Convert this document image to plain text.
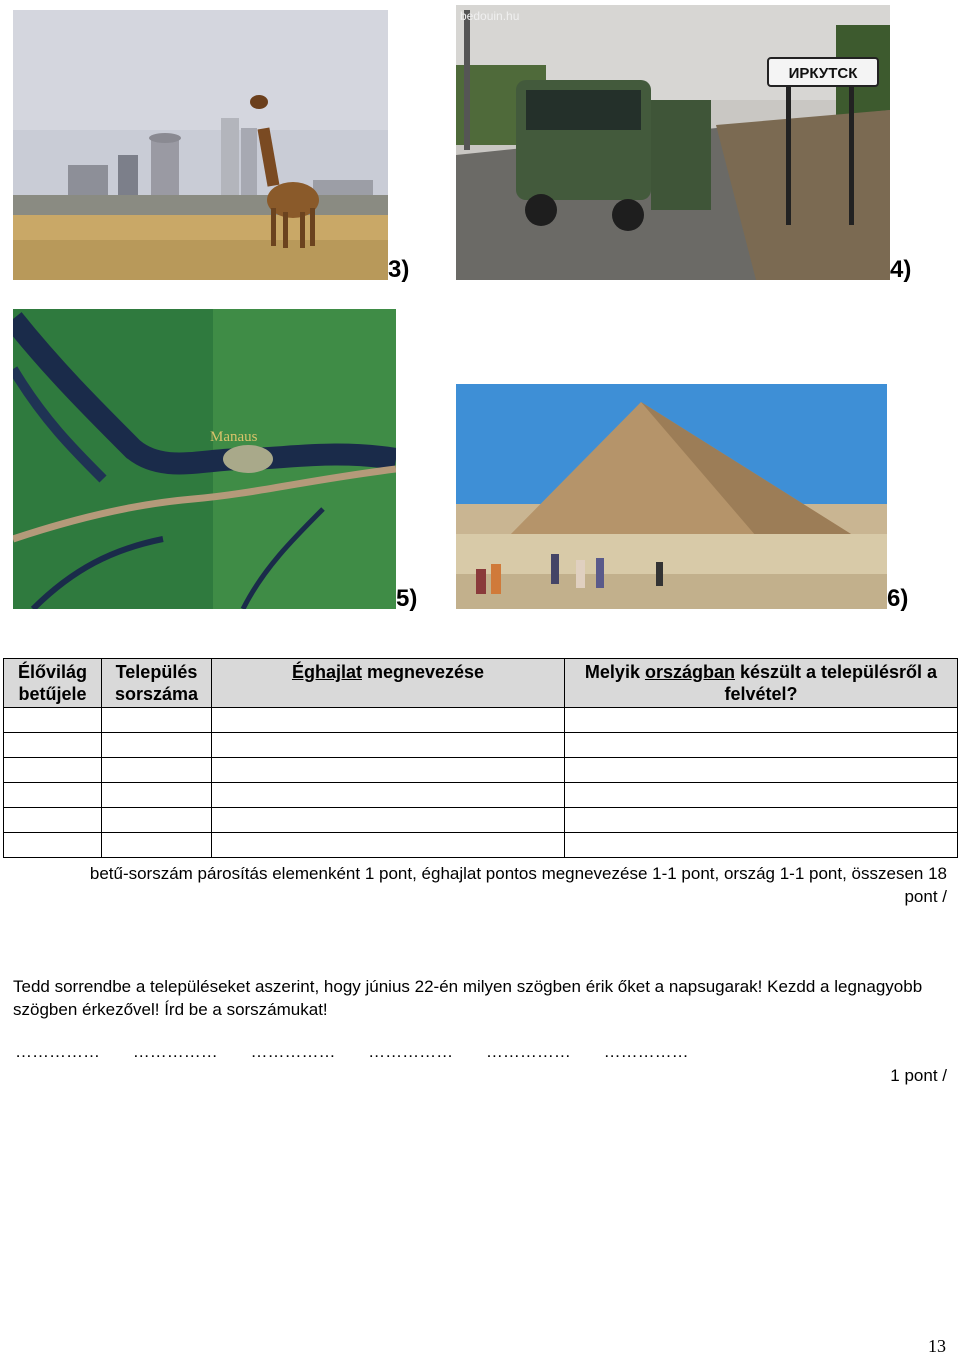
3)
ИРКУТСК
bedouin.hu
4)
Manaus
5)	6)
Élővilág betűjele	Település sorszáma	Éghajlat megnevezése	Melyik országban készült a településről a felvétel?

betű-sorszám párosítás elemenként 1 pont, éghajlat pontos megnevezése 1-1 pont, ország 1-1 pont, összesen 18 pont /
Tedd sorrendbe a településeket aszerint, hogy június 22-én milyen szögben érik őket a napsugarak! Kezdd a legnagyobb szögben érkezővel! Írd be a sorszámukat!
…………… …………… …………… …………… …………… ……………
1 pont /
13
